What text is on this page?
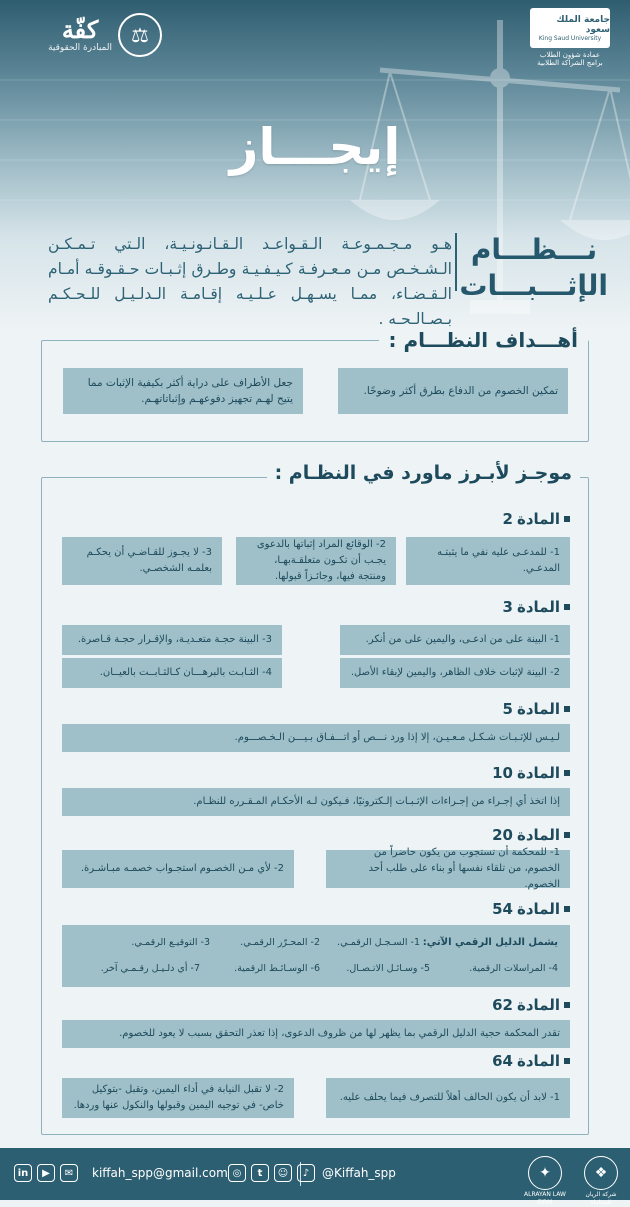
⚖
كفّة
المبادرة الحقوقية
جامعة الملك سعود
King Saud University
عمادة شؤون الطلاب
برامج الشراكة الطلابية
إيجـــاز
نـــظـــام
الإثـــبـــات

هـو مـجـمـوعـة الـقـواعـد الـقـانـونـيـة، الـتي تـمـكـن الـشـخـص مـن مـعـرفـة كـيـفـيـة وطـرق إثـبـات حـقـوقـه أمـام الـقـضـاء، ممـا يسـهـل عـلـيـه إقـامـة الـدلـيـل للـحـكـم بـصـالـحـه .

أهـــداف النظـــام :
تمكين الخصوم من الدفاع بطرق أكثر وضوحًا.
جعل الأطراف على دراية أكثر بكيفية الإثبات مما يتيح لهـم تجهيز دفوعهـم وإثباتاتهـم.
موجـز لأبـرز ماورد في النظـام :
المادة
2
1- للمدعـى عليه نفي ما يثبتـه المدعـي.
2- الوقائع المراد إثباتها بالدعوى يجـب أن تكـون متعلقـةبهـا، ومنتجة فيها، وجائـزاً قبولها.
3- لا يجـوز للقـاضـي أن يحكـم بعلمـه الشخصـي.
المادة
3
1- البينة على من ادعـى، واليمين على من أنكر.
3- البينة حجـة متعـديـة، والإقـرار حجـة قـاصرة.
2- البينة لإثبات خلاف الظاهر، واليمين لإبقاء الأصل.
4- الثـابـت بالبرهـــان كـالثـابــت بالعيــان.
المادة
5
لـيـس للإثـبـات شـكـل مـعـيـن، إلا إذا ورد نـــص أو اتـــفـاق بـيـــن الـخـصـــوم.
المادة
10
إذا اتخذ أي إجـراء من إجـراءات الإثـبـات إلـكترونيًا، فـيكون لـه الأحكـام المـقـرره للنظـام.
المادة
20
1- للمحكمة أن تستجوب من يكون حاضراً من الخصوم، من تلقاء نفسها أو بناء على طلب أحد الخصوم.
2- لأي مـن الخصـوم استجـواب خصمـه مبـاشـرة.
المادة
54
يشمل الدليل الرقمي الآتي:
1- السـجـل الرقمـي.
2- المحـرّر الرقمـي.
3- التوقيـع الرقمـي.
4- المراسلات الرقمية.
5- وسـائـل الاتـصـال.
6- الوسـائـط الرقمية.
7- أي دلـيـل رقـمـي آخر.
المادة
62
تقدر المحكمة حجية الدليل الرقمي بما يظهر لها من ظروف الدعوى، إذا تعذر التحقق بسبب لا يعود للخصوم.
المادة
64
1- لابد أن يكون الحالف أهلاً للتصرف فيما يحلف عليه.
2- لا تقبل النيابة في أداء اليمين، وتقبل -بتوكيل خاص- في توجيه اليمين وقبولها والنكول عنها وردها.
in	▶	✉	kiffah_spp@gmail.com ◎	t	☺	♪	@Kiffah_spp	✦
ALRAYAN LAW FIRM
❖
شركة الريان للمحاماة
